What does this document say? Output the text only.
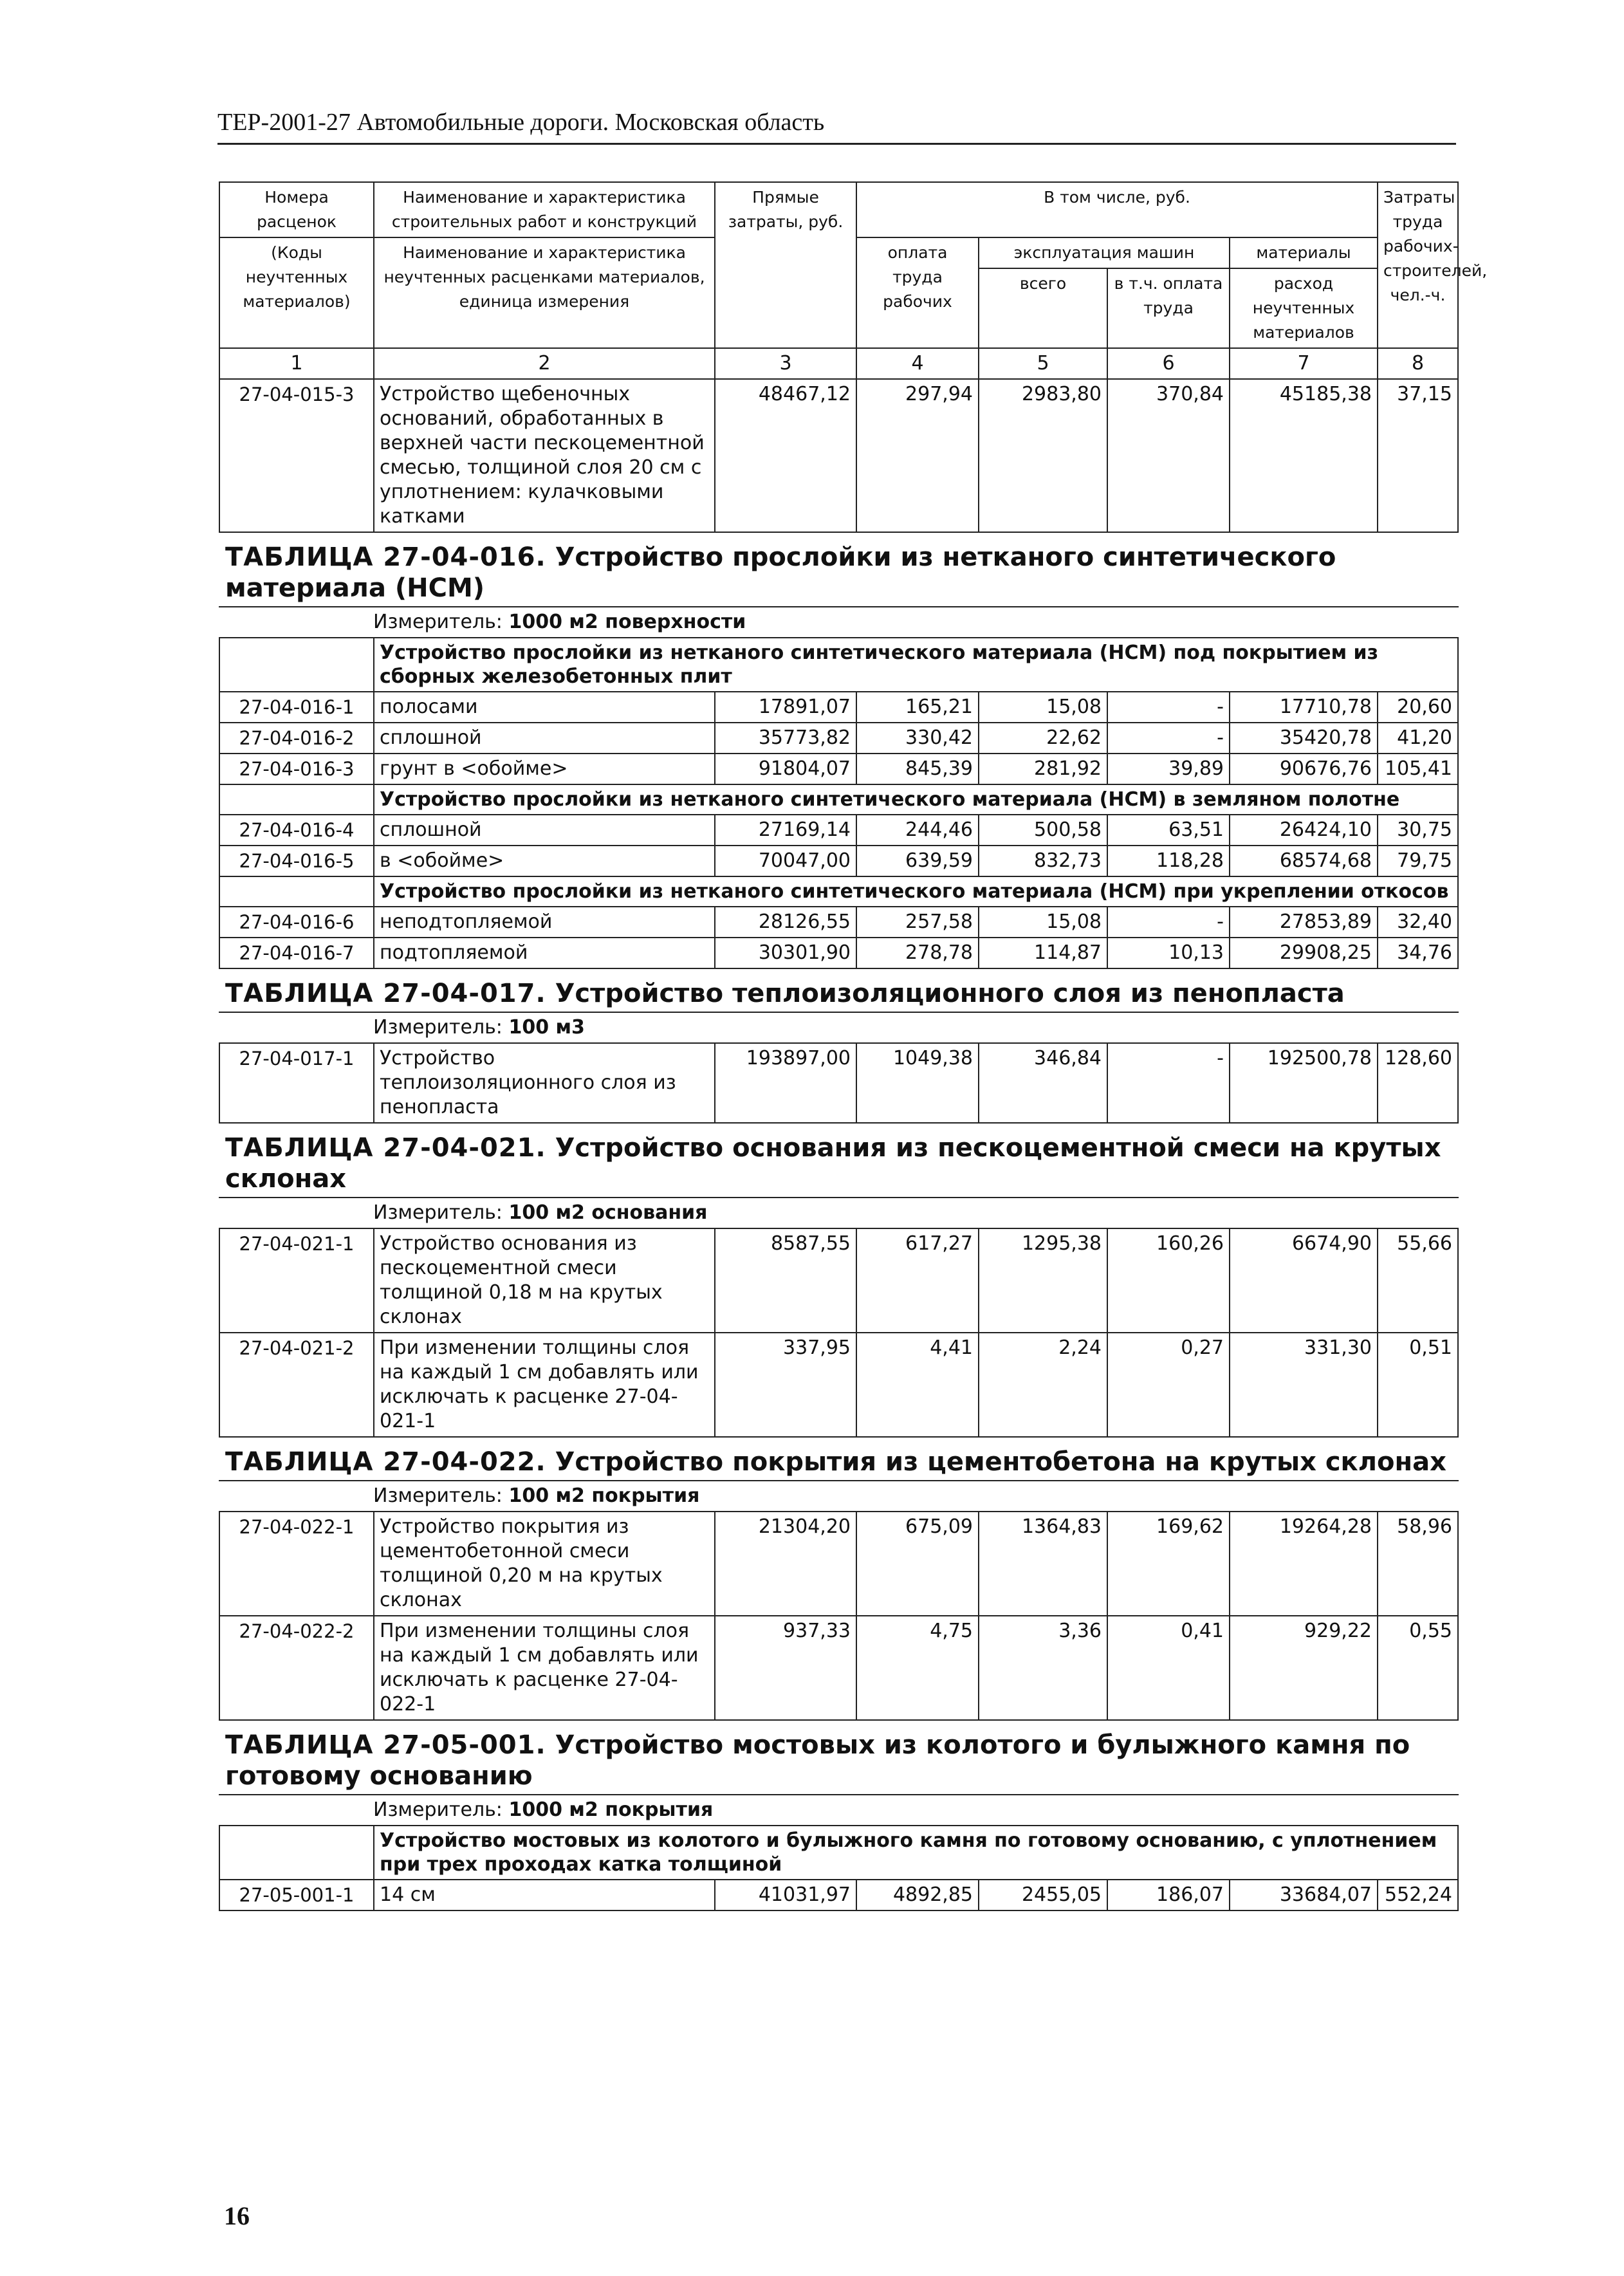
ТЕР-2001-27 Автомобильные дороги. Московская область
Номера расценок	Наименование и характеристика строительных работ и конструкций	Прямые затраты, руб.	В том числе, руб.				Затраты труда рабочих-строителей, чел.-ч.
(Коды неучтенных материалов)	Наименование и характеристика неучтенных расценками материалов, единица измерения		оплата труда рабочих	эксплуатация машин		материалы	
				всего	в т.ч. оплата труда	расход неучтенных материалов	
1	2	3	4	5	6	7	8
27-04-015-3	Устройство щебеночных оснований, обработанных в верхней части пескоцементной смесью, толщиной слоя 20 см с уплотнением: кулачковыми катками	48467,12	297,94	2983,80	370,84	45185,38	37,15
ТАБЛИЦА 27-04-016. Устройство прослойки из нетканого синтетического материала (НСМ)							
Измеритель: 1000 м2 поверхности							
	Устройство прослойки из нетканого синтетического материала (НСМ) под покрытием из сборных железобетонных плит						
27-04-016-1	полосами	17891,07	165,21	15,08	-	17710,78	20,60
27-04-016-2	сплошной	35773,82	330,42	22,62	-	35420,78	41,20
27-04-016-3	грунт в <обойме>	91804,07	845,39	281,92	39,89	90676,76	105,41
	Устройство прослойки из нетканого синтетического материала (НСМ) в земляном полотне						
27-04-016-4	сплошной	27169,14	244,46	500,58	63,51	26424,10	30,75
27-04-016-5	в <обойме>	70047,00	639,59	832,73	118,28	68574,68	79,75
	Устройство прослойки из нетканого синтетического материала (НСМ) при укреплении откосов						
27-04-016-6	неподтопляемой	28126,55	257,58	15,08	-	27853,89	32,40
27-04-016-7	подтопляемой	30301,90	278,78	114,87	10,13	29908,25	34,76
ТАБЛИЦА 27-04-017. Устройство теплоизоляционного слоя из пенопласта							
Измеритель: 100 м3							
27-04-017-1	Устройство теплоизоляционного слоя из пенопласта	193897,00	1049,38	346,84	-	192500,78	128,60
ТАБЛИЦА 27-04-021. Устройство основания из пескоцементной смеси на крутых склонах							
Измеритель: 100 м2 основания							
27-04-021-1	Устройство основания из пескоцементной смеси толщиной 0,18 м на крутых склонах	8587,55	617,27	1295,38	160,26	6674,90	55,66
27-04-021-2	При изменении толщины слоя на каждый 1 см добавлять или исключать к расценке 27-04-021-1	337,95	4,41	2,24	0,27	331,30	0,51
ТАБЛИЦА 27-04-022. Устройство покрытия из цементобетона на крутых склонах							
Измеритель: 100 м2 покрытия							
27-04-022-1	Устройство покрытия из цементобетонной смеси толщиной 0,20 м на крутых склонах	21304,20	675,09	1364,83	169,62	19264,28	58,96
27-04-022-2	При изменении толщины слоя на каждый 1 см добавлять или исключать к расценке 27-04-022-1	937,33	4,75	3,36	0,41	929,22	0,55
ТАБЛИЦА 27-05-001. Устройство мостовых из колотого и булыжного камня по готовому основанию							
Измеритель: 1000 м2 покрытия							
	Устройство мостовых из колотого и булыжного камня по готовому основанию, с уплотнением при трех проходах катка толщиной						
27-05-001-1	14 см	41031,97	4892,85	2455,05	186,07	33684,07	552,24
16
